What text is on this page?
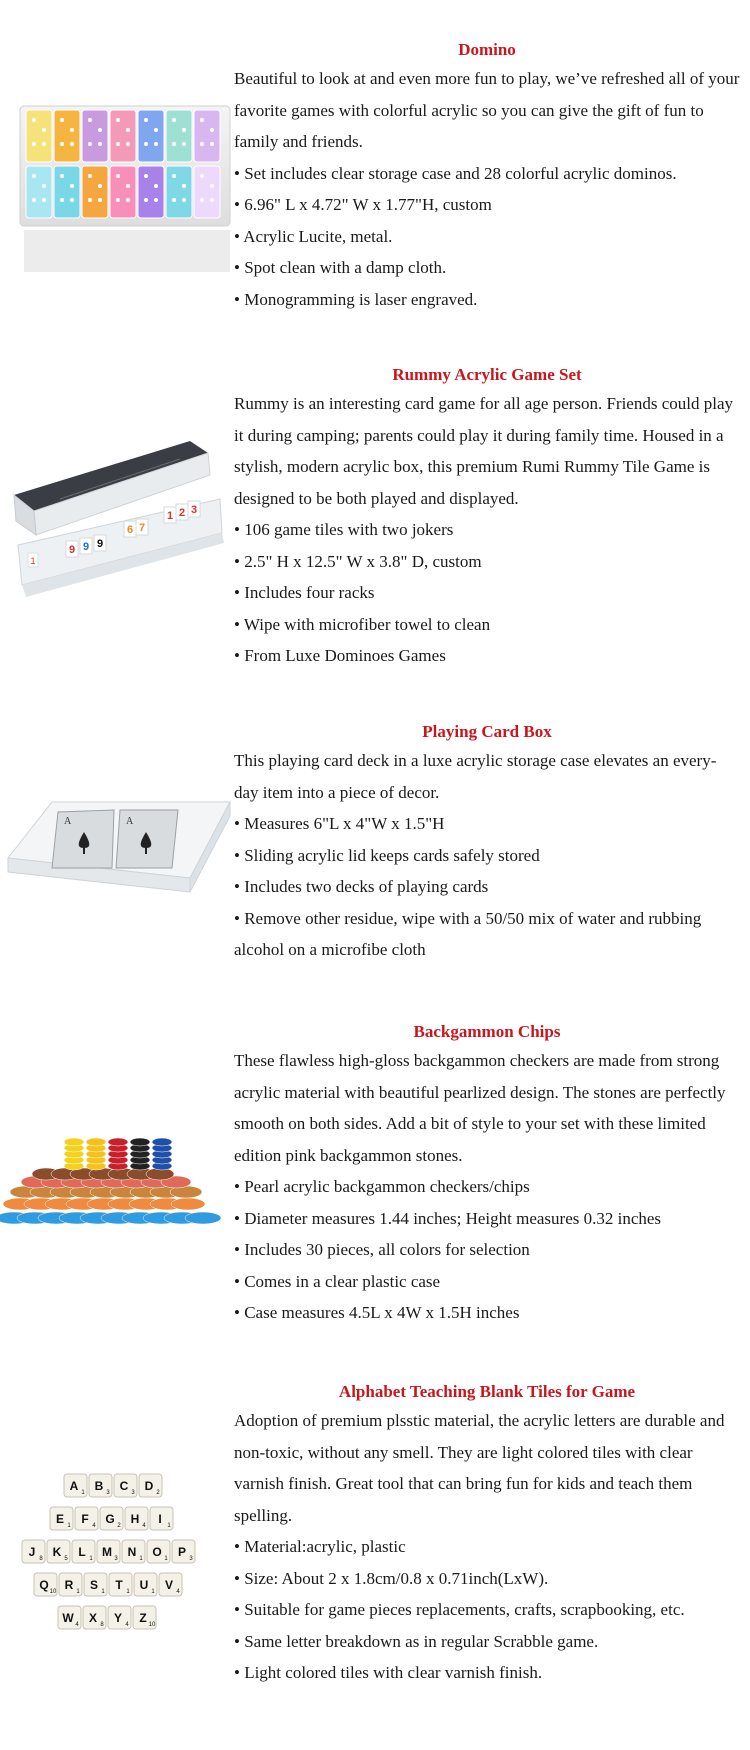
Domino

Beautiful to look at and even more fun to play, we’ve refreshed all of your favorite games with colorful acrylic so you can give the gift of fun to family and friends.

• Set includes clear storage case and 28 colorful acrylic dominos.

• 6.96" L x 4.72" W x 1.77"H, custom

• Acrylic Lucite, metal.

• Spot clean with a damp cloth.

• Monogramming is laser engraved.

1
9 9 9
6 7
1 2 3

Rummy Acrylic Game Set

Rummy is an interesting card game for all age person. Friends could play it during camping; parents could play it during family time. Housed in a stylish, modern acrylic box, this premium Rumi Rummy Tile Game is designed to be both played and displayed.

• 106 game tiles with two jokers

• 2.5" H x 12.5" W x 3.8" D, custom

• Includes four racks

• Wipe with microfiber towel to clean

• From Luxe Dominoes Games

A	A

Playing Card Box

This playing card deck in a luxe acrylic storage case elevates an every-day item into a piece of decor.

• Measures 6"L x 4"W x 1.5"H

• Sliding acrylic lid keeps cards safely stored

• Includes two decks of playing cards

• Remove other residue, wipe with a 50/50 mix of water and rubbing alcohol on a microfibe cloth

Backgammon Chips

These flawless high-gloss backgammon checkers are made from strong acrylic material with beautiful pearlized design. The stones are perfectly smooth on both sides. Add a bit of style to your set with these limited edition pink backgammon stones.

• Pearl acrylic backgammon checkers/chips

• Diameter measures 1.44 inches; Height measures 0.32 inches

• Includes 30 pieces, all colors for selection

• Comes in a clear plastic case

• Case measures 4.5L x 4W x 1.5H inches

A 1 B 3 C 3 D 2
E 1 F 4 G 2 H 4 I 1
J 8 K 5 L 1 M 3 N 1 O 1 P 3
Q 10 R 1 S 1 T 1 U 1 V 4
W 4 X 8 Y 4 Z 10

Alphabet Teaching Blank Tiles for Game

Adoption of premium plsstic material, the acrylic letters are durable and non-toxic, without any smell. They are light colored tiles with clear varnish finish. Great tool that can bring fun for kids and teach them spelling.

• Material:acrylic, plastic

• Size: About 2 x 1.8cm/0.8 x 0.71inch(LxW).

• Suitable for game pieces replacements, crafts, scrapbooking, etc.

• Same letter breakdown as in regular Scrabble game.

• Light colored tiles with clear varnish finish.
